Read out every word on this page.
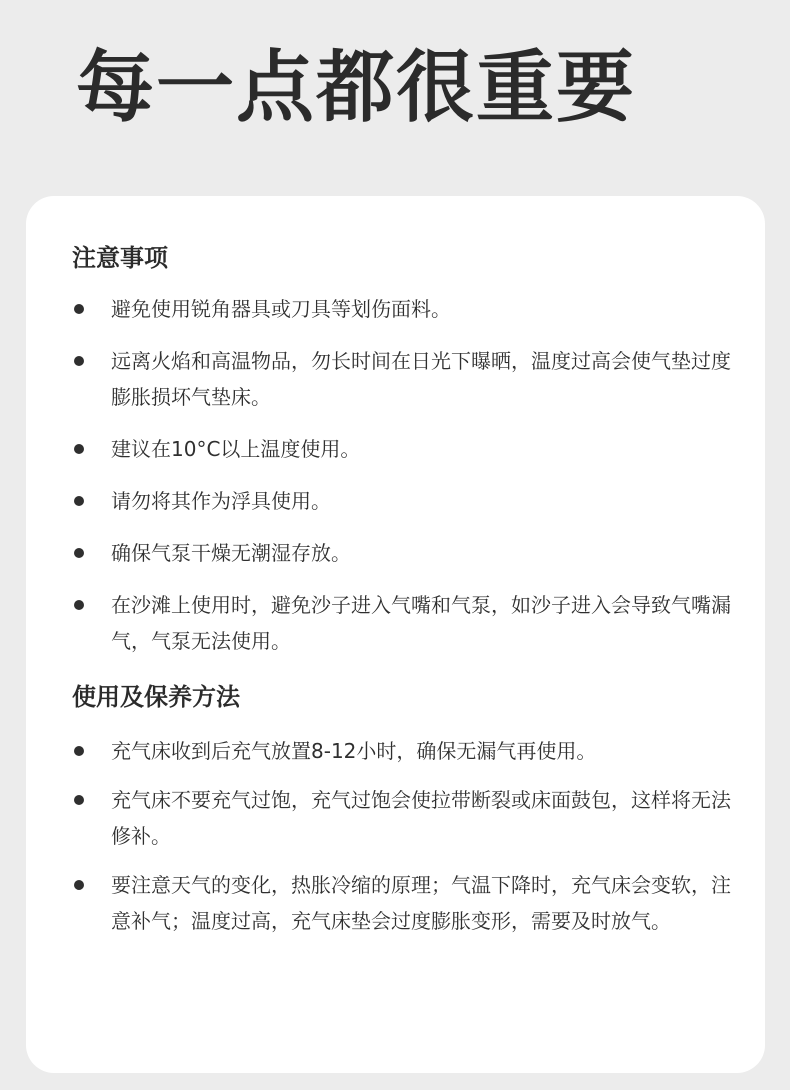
每一点都很重要
注意事项
避免使用锐角器具或刀具等划伤面料。
远离火焰和高温物品，勿长时间在日光下曝晒，温度过高会使气垫过度膨胀损坏气垫床。
建议在10°C以上温度使用。
请勿将其作为浮具使用。
确保气泵干燥无潮湿存放。
在沙滩上使用时，避免沙子进入气嘴和气泵，如沙子进入会导致气嘴漏气，气泵无法使用。
使用及保养方法
充气床收到后充气放置8-12小时，确保无漏气再使用。
充气床不要充气过饱，充气过饱会使拉带断裂或床面鼓包，这样将无法修补。
要注意天气的变化，热胀冷缩的原理；气温下降时，充气床会变软，注意补气；温度过高，充气床垫会过度膨胀变形，需要及时放气。
